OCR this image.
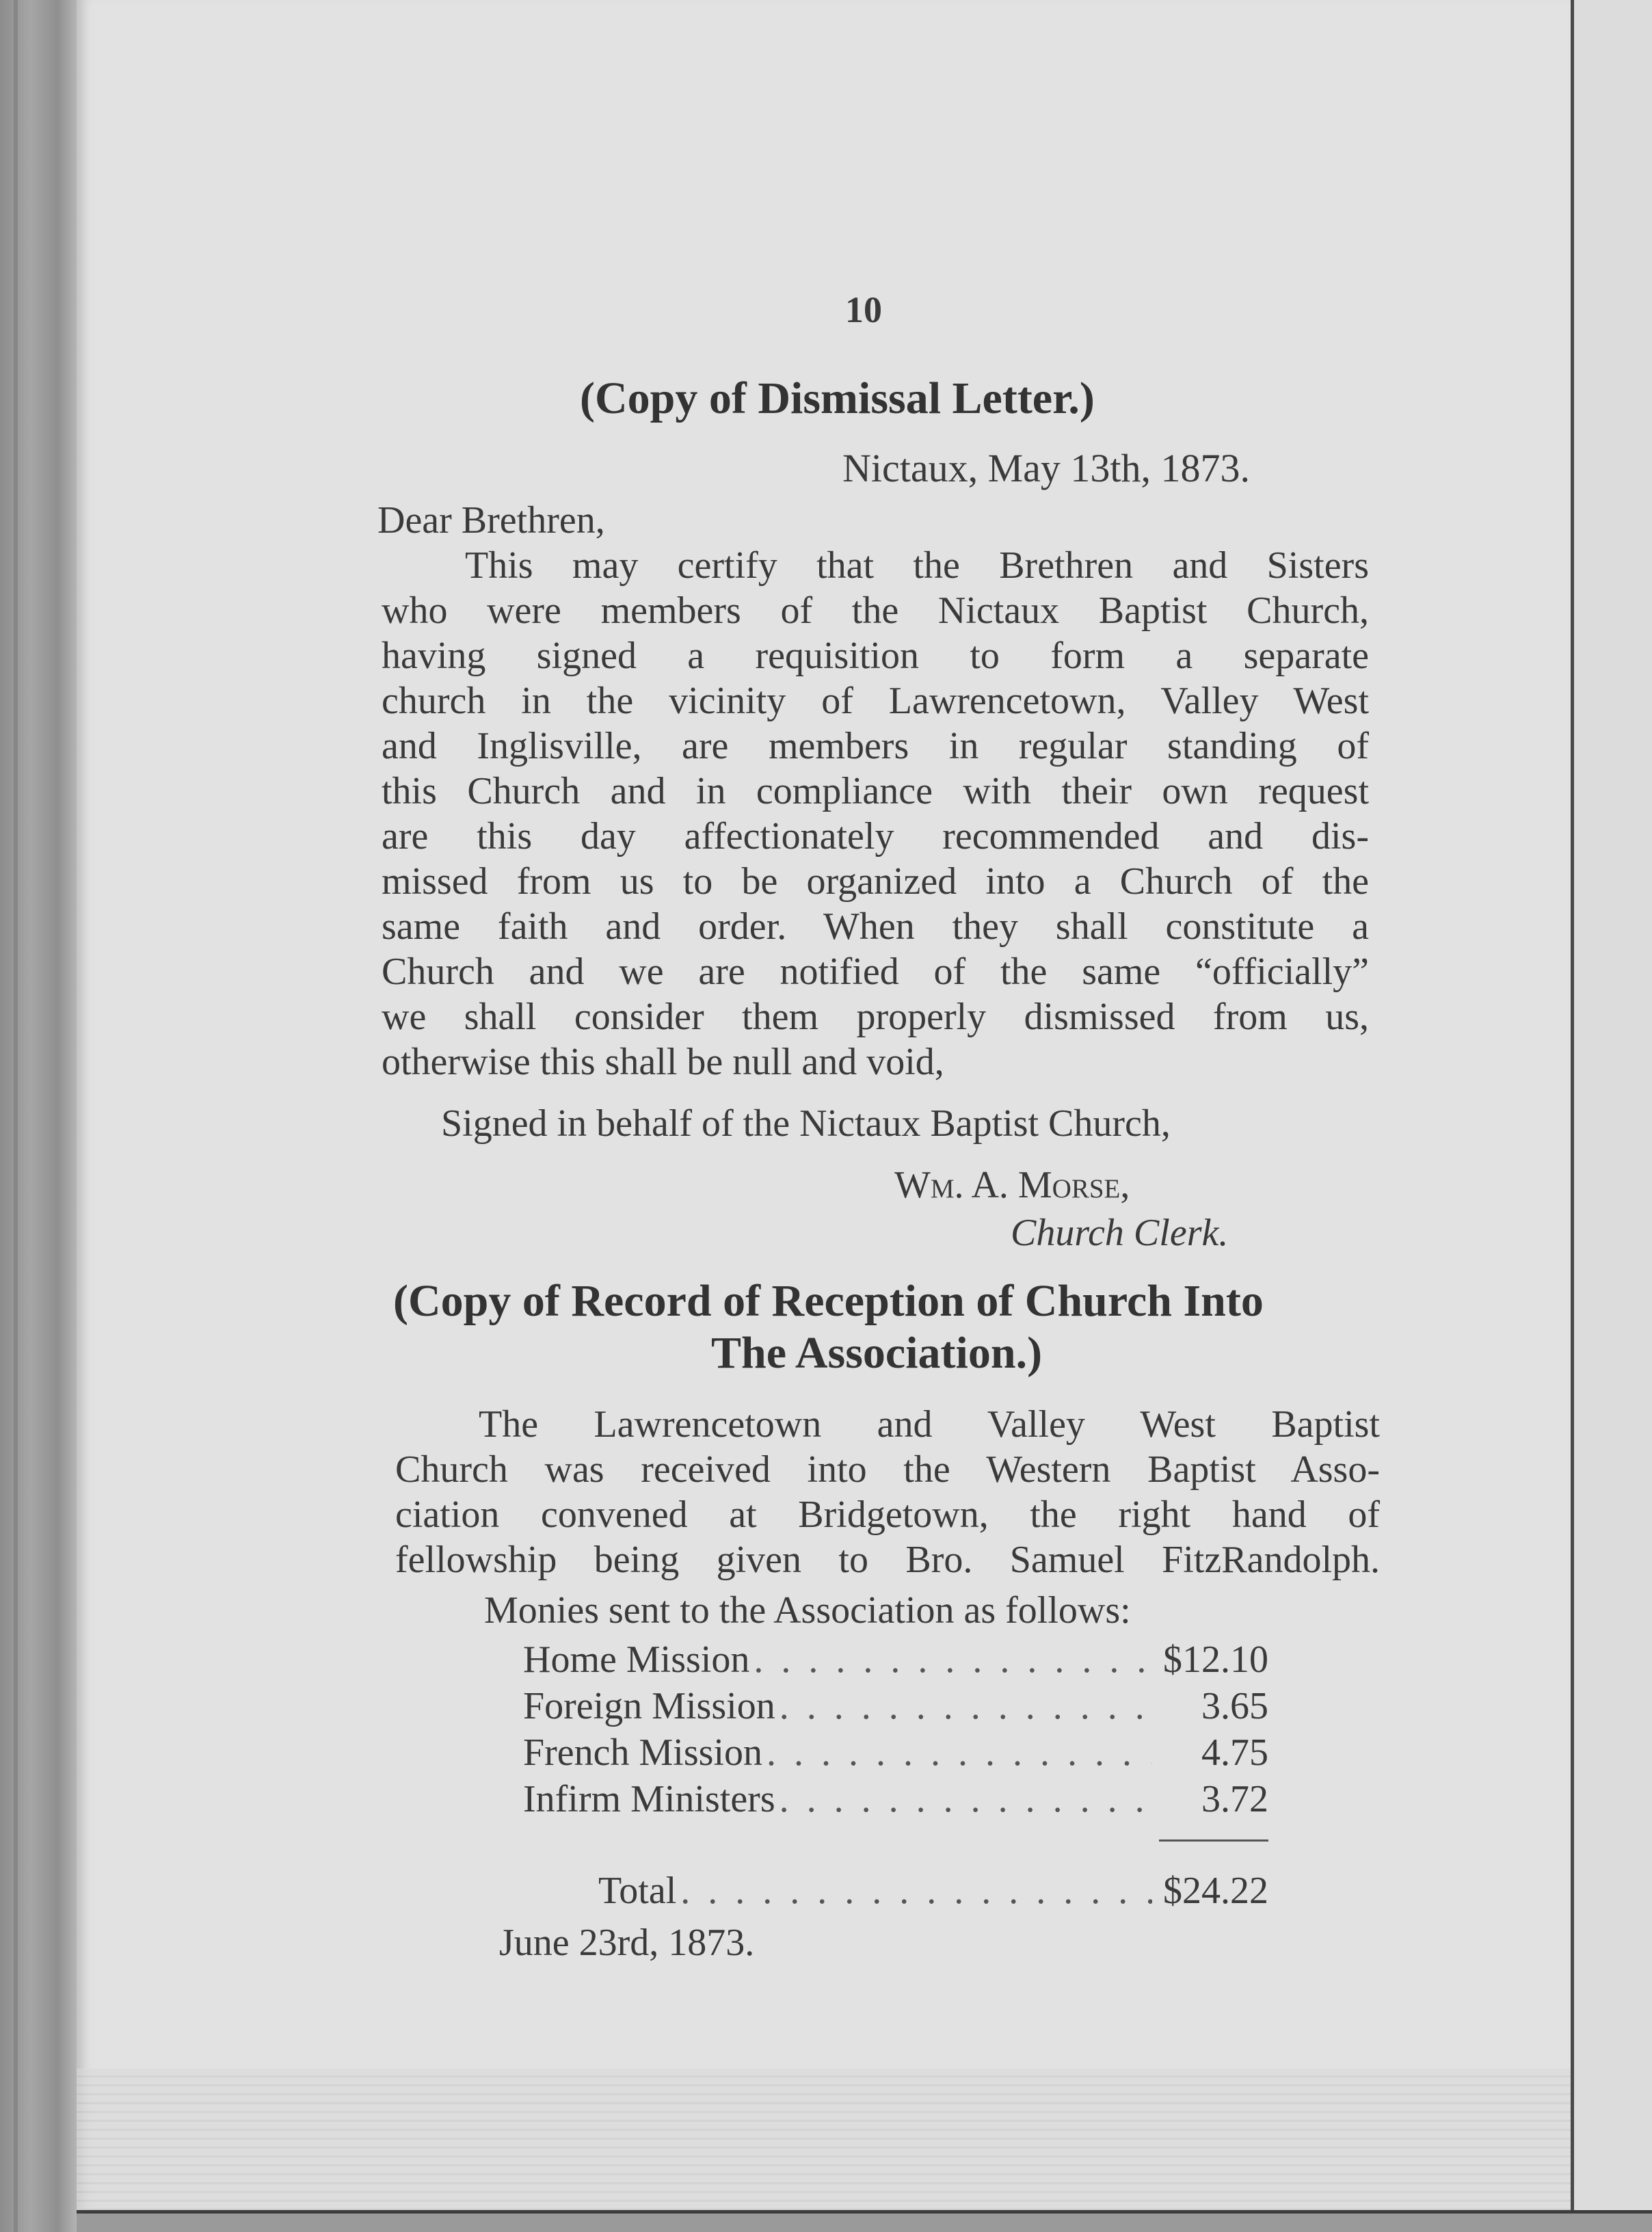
10
(Copy of Dismissal Letter.)
Nictaux, May 13th, 1873.
Dear Brethren,
This may certify that the Brethren and Sisters
who were members of the Nictaux Baptist Church,
having signed a requisition to form a separate
church in the vicinity of Lawrencetown, Valley West
and Inglisville, are members in regular standing of
this Church and in compliance with their own request
are this day affectionately recommended and dis-
missed from us to be organized into a Church of the
same faith and order. When they shall constitute a
Church and we are notified of the same “officially”
we shall consider them properly dismissed from us,
otherwise this shall be null and void,
Signed in behalf of the Nictaux Baptist Church,
Wm. A. Morse,
Church Clerk.
(Copy of Record of Reception of Church Into
The Association.)
The Lawrencetown and Valley West Baptist
Church was received into the Western Baptist Asso-
ciation convened at Bridgetown, the right hand of
fellowship being given to Bro. Samuel FitzRandolph.
Monies sent to the Association as follows:
Home Mission . . .	$12.10
Foreign Mission . . .	3.65
French Mission . . .	4.75
Infirm Ministers . . .	3.72
Total . . .	$24.22
June 23rd, 1873.
